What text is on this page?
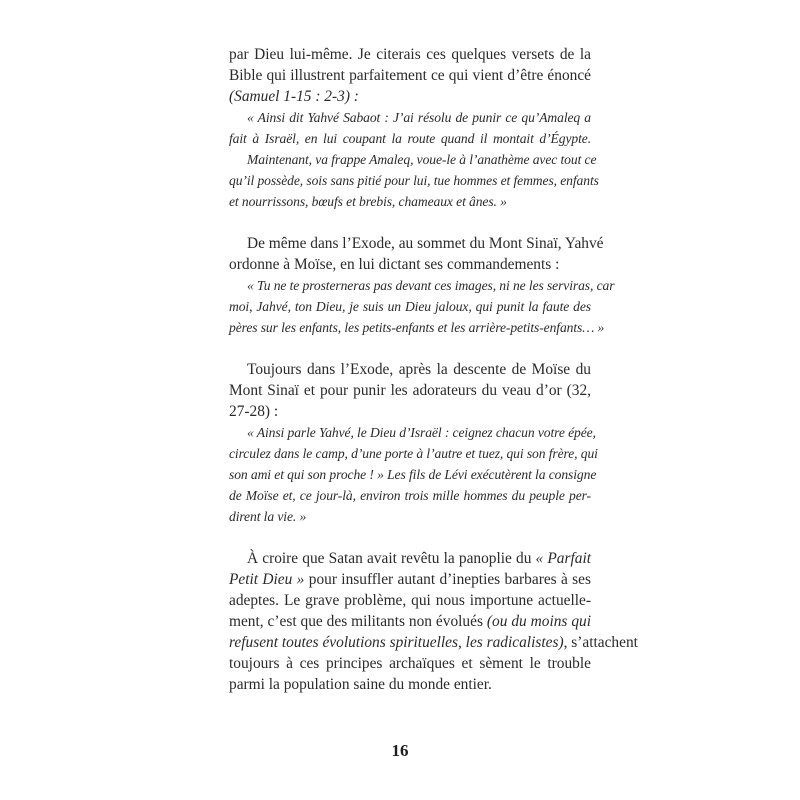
par Dieu lui-même. Je citerais ces quelques versets de la
Bible qui illustrent parfaitement ce qui vient d’être énoncé
(Samuel 1-15 : 2-3) :
« Ainsi dit Yahvé Sabaot : J’ai résolu de punir ce qu’Amaleq a
fait à Israël, en lui coupant la route quand il montait d’Égypte.
Maintenant, va frappe Amaleq, voue-le à l’anathème avec tout ce
qu’il possède, sois sans pitié pour lui, tue hommes et femmes, enfants
et nourrissons, bœufs et brebis, chameaux et ânes. »
De même dans l’Exode, au sommet du Mont Sinaï, Yahvé
ordonne à Moïse, en lui dictant ses commandements :
« Tu ne te prosterneras pas devant ces images, ni ne les serviras, car
moi, Jahvé, ton Dieu, je suis un Dieu jaloux, qui punit la faute des
pères sur les enfants, les petits-enfants et les arrière-petits-enfants… »
Toujours dans l’Exode, après la descente de Moïse du
Mont Sinaï et pour punir les adorateurs du veau d’or (32,
27-28) :
« Ainsi parle Yahvé, le Dieu d’Israël : ceignez chacun votre épée,
circulez dans le camp, d’une porte à l’autre et tuez, qui son frère, qui
son ami et qui son proche ! » Les fils de Lévi exécutèrent la consigne
de Moïse et, ce jour-là, environ trois mille hommes du peuple per-
dirent la vie. »
À croire que Satan avait revêtu la panoplie du « Parfait
Petit Dieu » pour insuffler autant d’inepties barbares à ses
adeptes. Le grave problème, qui nous importune actuelle-
ment, c’est que des militants non évolués (ou du moins qui
refusent toutes évolutions spirituelles, les radicalistes), s’attachent
toujours à ces principes archaïques et sèment le trouble
parmi la population saine du monde entier.
16
